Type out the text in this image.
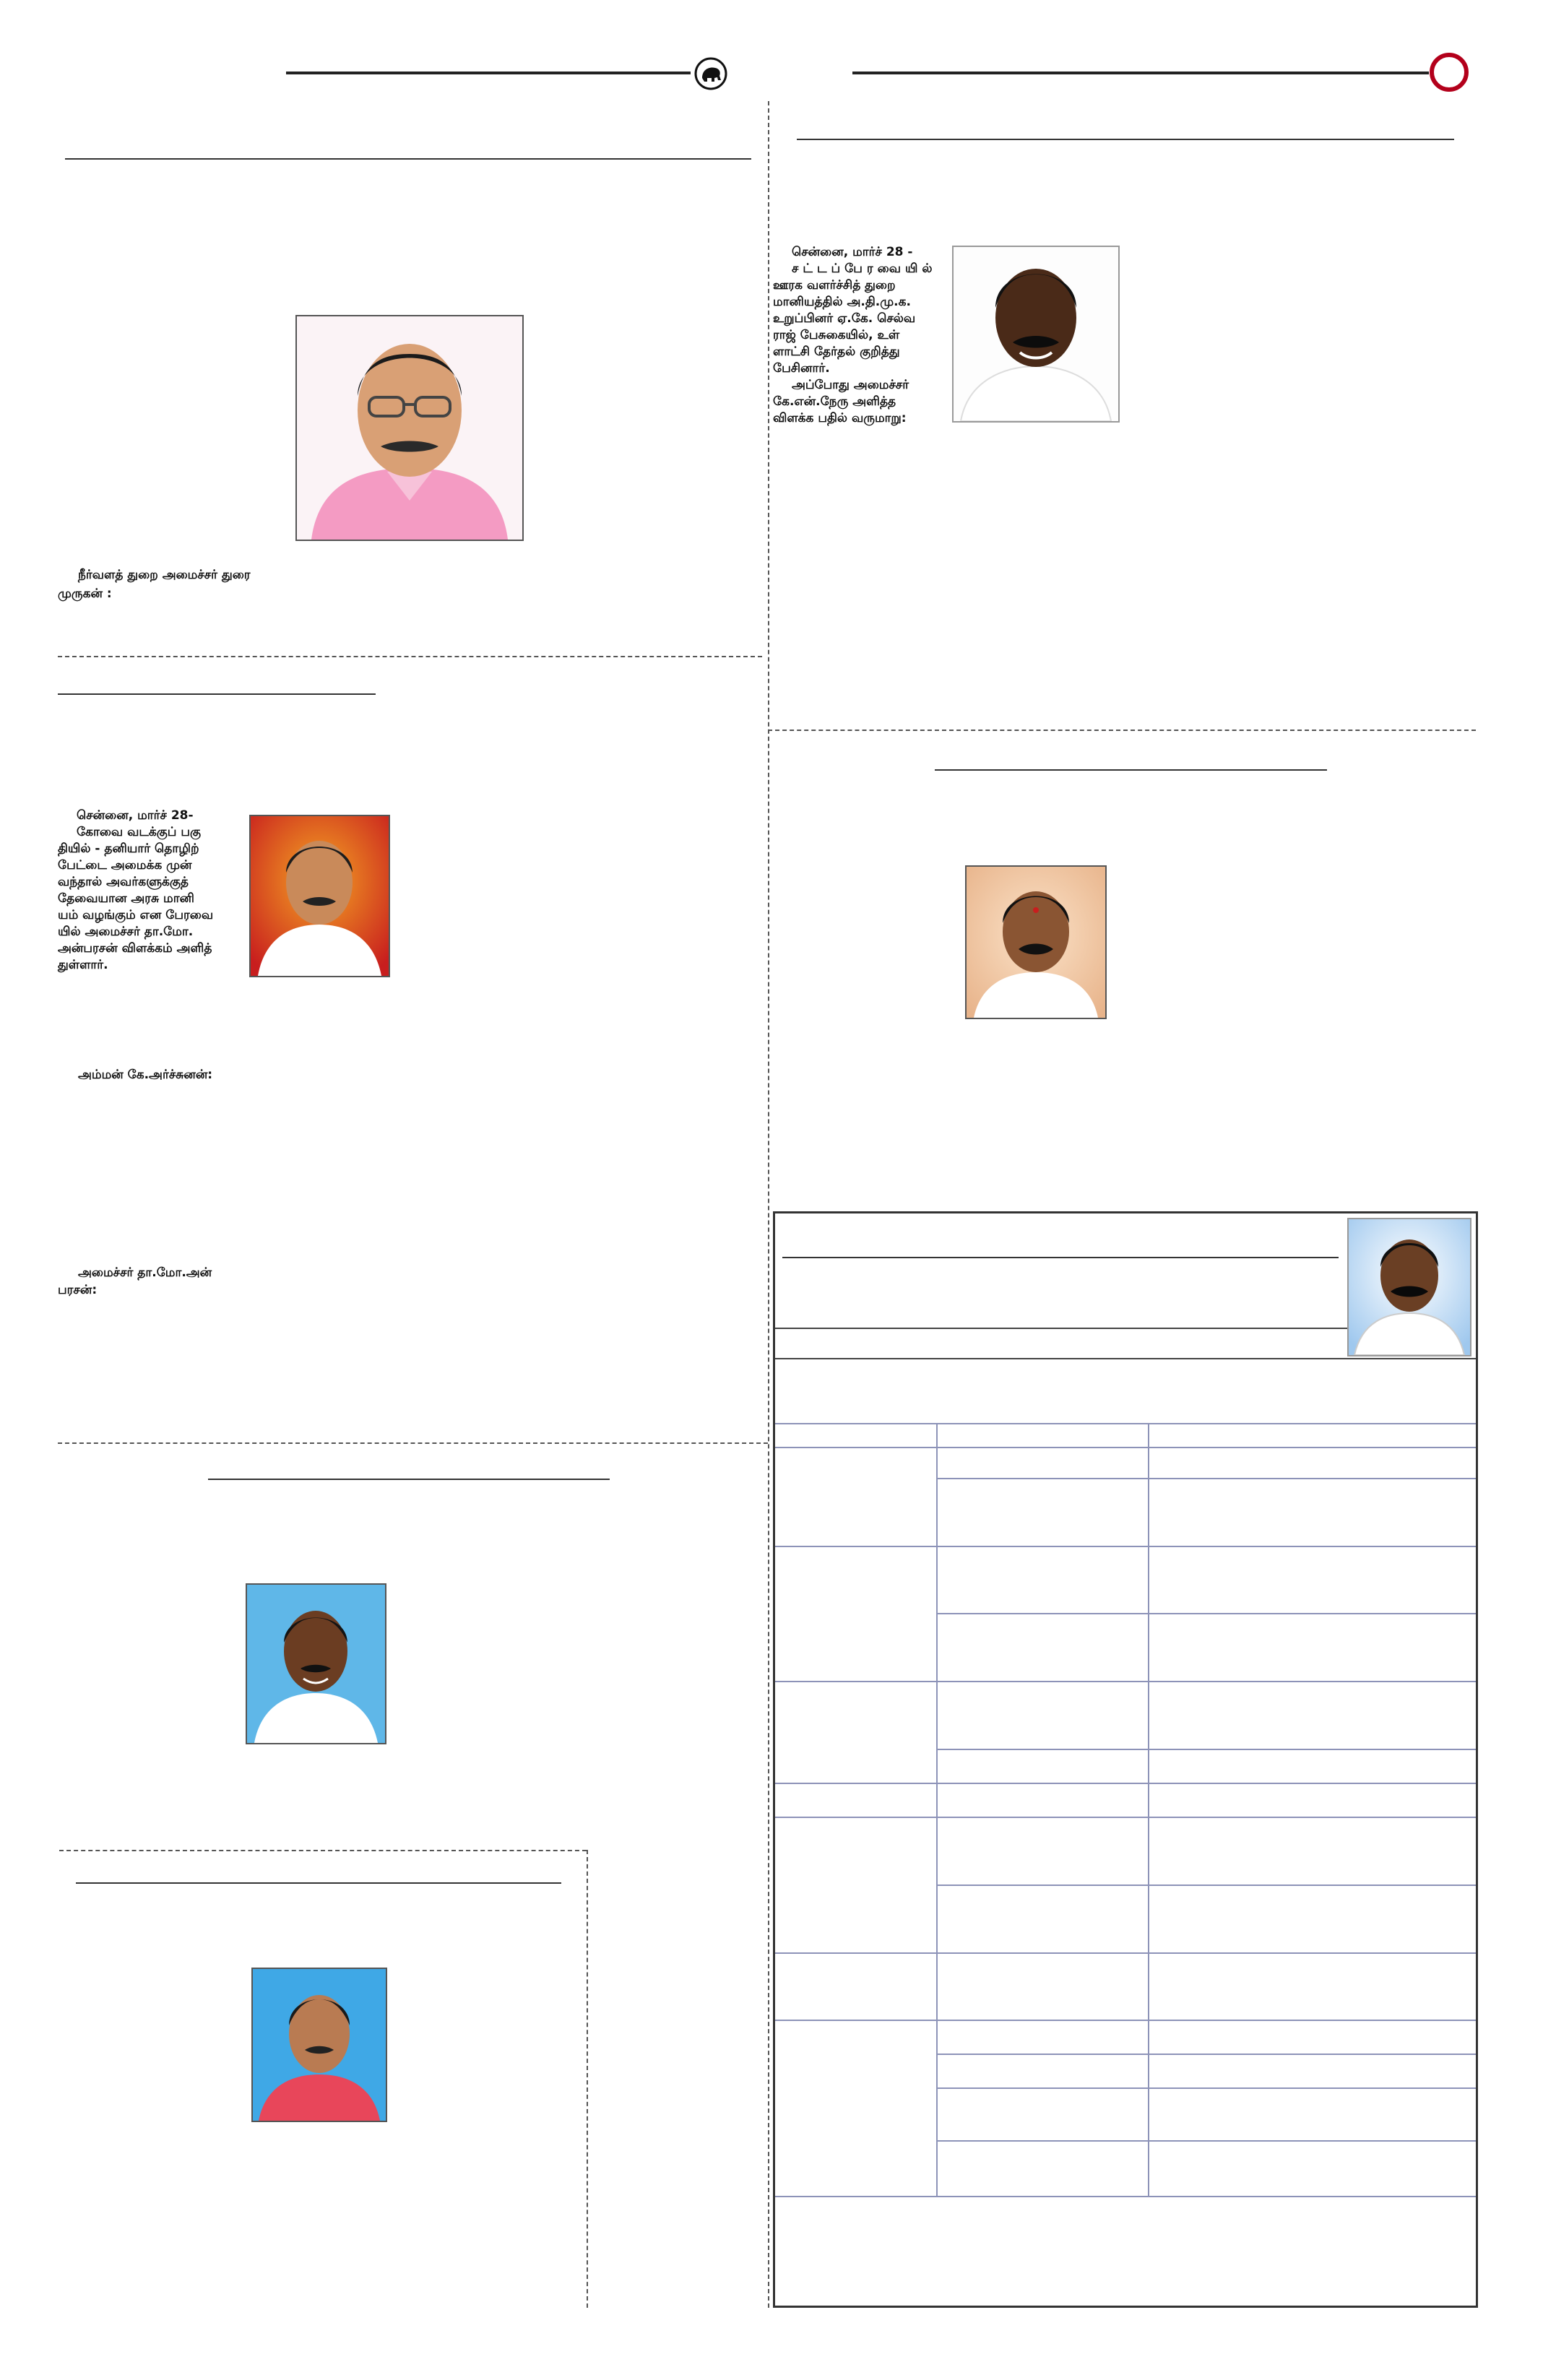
நீர்வளத் துறை அமைச்சர் துரை
முருகன் :

சென்னை, மார்ச் 28-

கோவை வடக்குப் பகு

தியில் - தனியார் தொழிற்

பேட்டை அமைக்க முன்

வந்தால் அவர்களுக்குத்

தேவையான அரசு மானி

யம் வழங்கும் என பேரவை

யில் அமைச்சர் தா.மோ.

அன்பரசன் விளக்கம் அளித்

துள்ளார்.

அம்மன் கே.அர்ச்சுனன்:
அமைச்சர் தா.மோ.அன்
பரசன்:

சென்னை, மார்ச் 28 -

சட்டப்பேரவையில்

ஊரக வளர்ச்சித் துறை

மானியத்தில் அ.தி.மு.க.

உறுப்பினர் ஏ.கே. செல்வ

ராஜ் பேசுகையில், உள்

ளாட்சி தேர்தல் குறித்து

பேசினார்.

அப்போது அமைச்சர்

கே.என்.நேரு அளித்த

விளக்க பதில் வருமாறு:
